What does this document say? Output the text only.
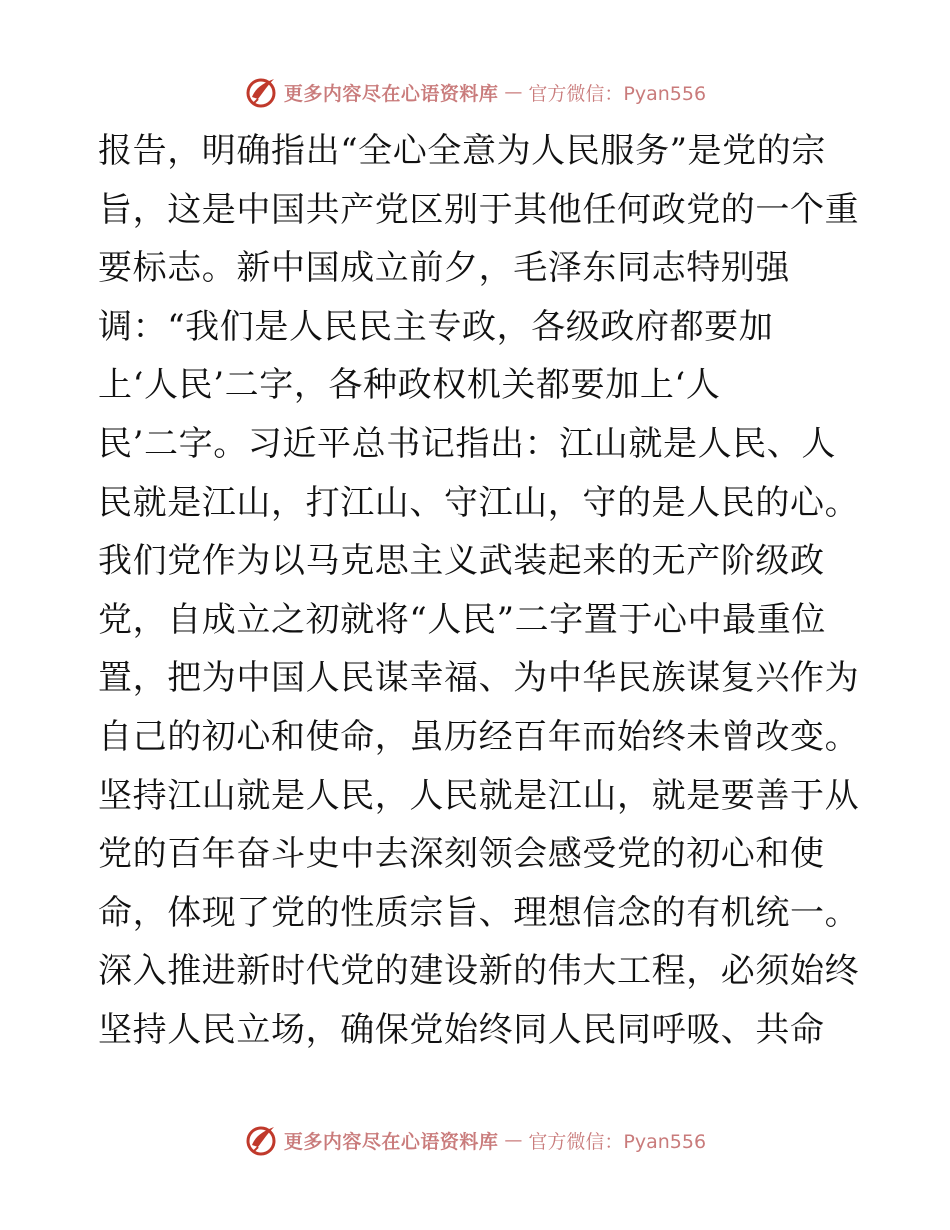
更多内容尽在心语资料库 — 官方微信：Pyan556
报告，明确指出“全心全意为人民服务”是党的宗
旨，这是中国共产党区别于其他任何政党的一个重
要标志。新中国成立前夕，毛泽东同志特别强
调：“我们是人民民主专政，各级政府都要加
上‘人民’二字，各种政权机关都要加上‘人
民’二字。习近平总书记指出：江山就是人民、人
民就是江山，打江山、守江山，守的是人民的心。
我们党作为以马克思主义武装起来的无产阶级政
党，自成立之初就将“人民”二字置于心中最重位
置，把为中国人民谋幸福、为中华民族谋复兴作为
自己的初心和使命，虽历经百年而始终未曾改变。
坚持江山就是人民，人民就是江山，就是要善于从
党的百年奋斗史中去深刻领会感受党的初心和使
命，体现了党的性质宗旨、理想信念的有机统一。
深入推进新时代党的建设新的伟大工程，必须始终
坚持人民立场，确保党始终同人民同呼吸、共命
更多内容尽在心语资料库 — 官方微信：Pyan556
